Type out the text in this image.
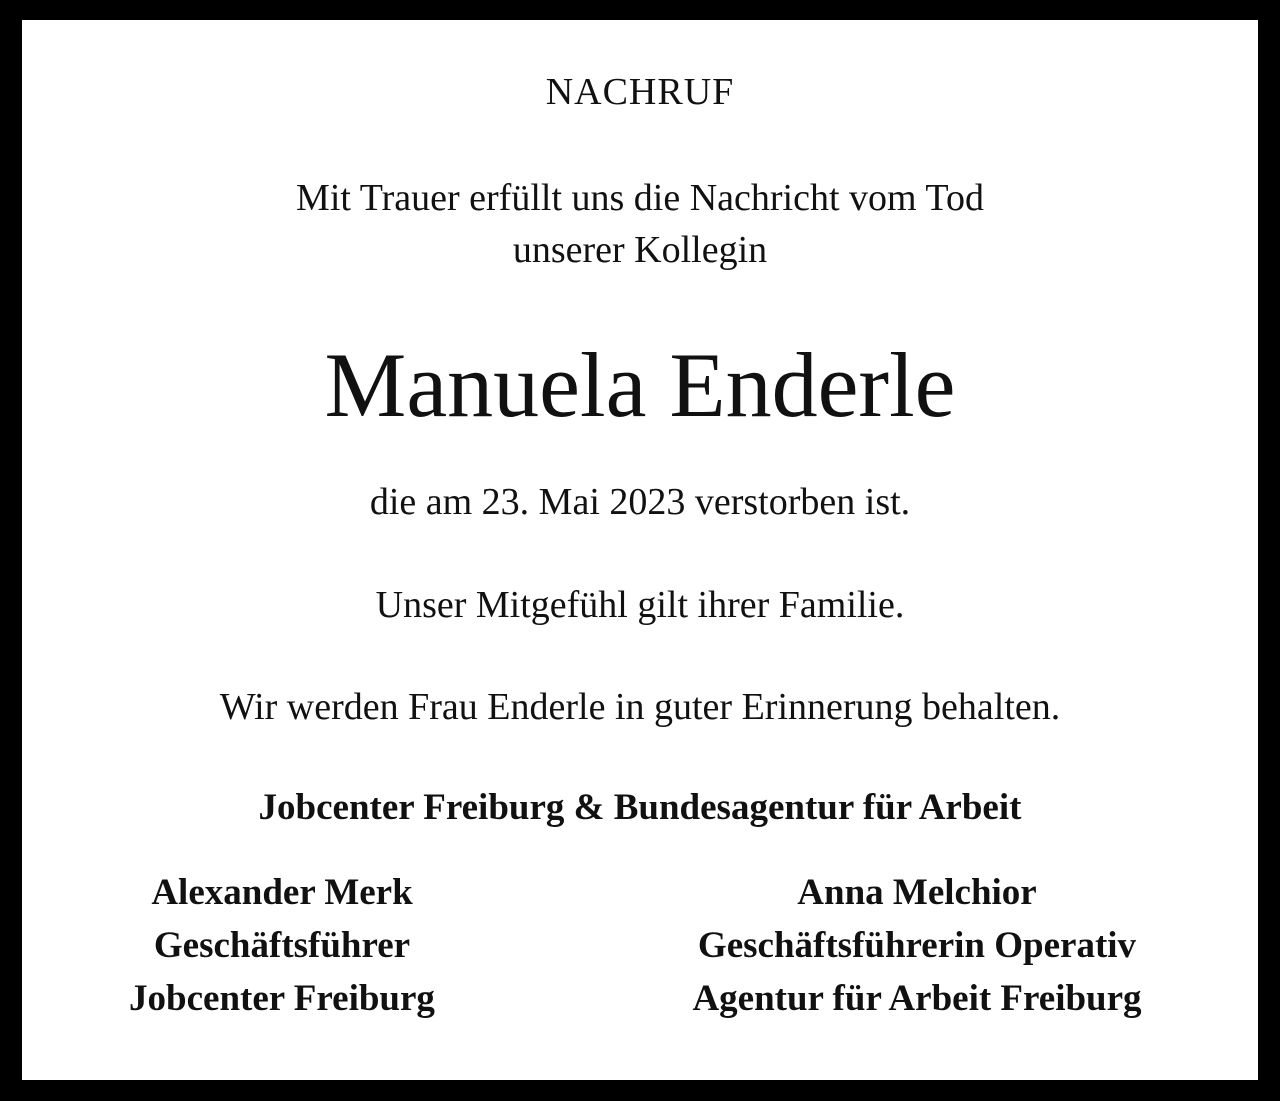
NACHRUF
Mit Trauer erfüllt uns die Nachricht vom Tod
unserer Kollegin
Manuela Enderle
die am 23. Mai 2023 verstorben ist.
Unser Mitgefühl gilt ihrer Familie.
Wir werden Frau Enderle in guter Erinnerung behalten.
Jobcenter Freiburg & Bundesagentur für Arbeit
Alexander Merk
Geschäftsführer
Jobcenter Freiburg
Anna Melchior
Geschäftsführerin Operativ
Agentur für Arbeit Freiburg
